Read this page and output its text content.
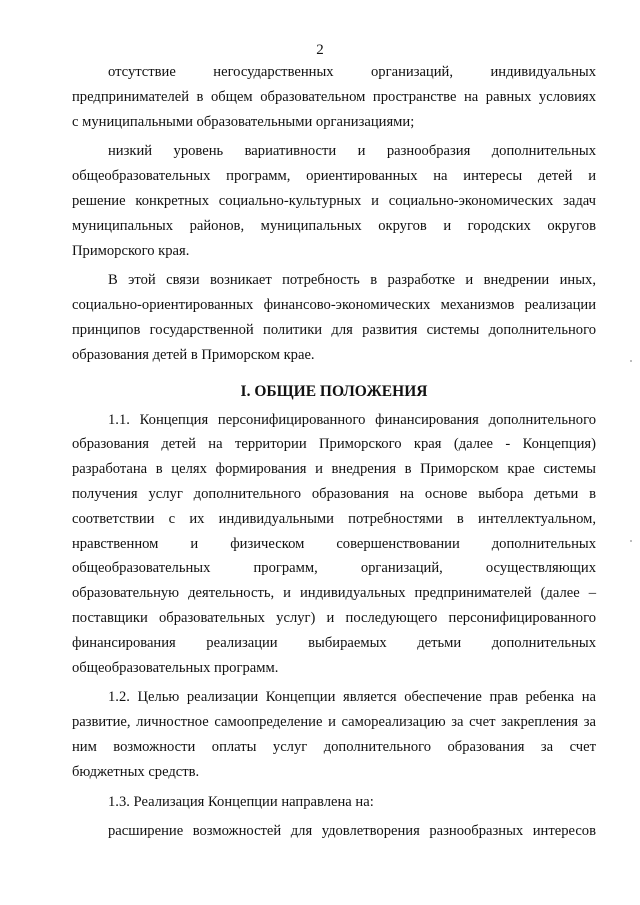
2
отсутствие негосударственных организаций, индивидуальных
предпринимателей в общем образовательном пространстве на равных условиях
с муниципальными образовательными организациями;
низкий уровень вариативности и разнообразия дополнительных
общеобразовательных программ, ориентированных на интересы детей и
решение конкретных социально-культурных и социально-экономических задач
муниципальных районов, муниципальных округов и городских округов
Приморского края.
В этой связи возникает потребность в разработке и внедрении иных,
социально-ориентированных финансово-экономических механизмов реализации
принципов государственной политики для развития системы дополнительного
образования детей в Приморском крае.
I. ОБЩИЕ ПОЛОЖЕНИЯ
1.1. Концепция персонифицированного финансирования дополнительного
образования детей на территории Приморского края (далее - Концепция)
разработана в целях формирования и внедрения в Приморском крае системы
получения услуг дополнительного образования на основе выбора детьми в
соответствии с их индивидуальными потребностями в интеллектуальном,
нравственном и физическом совершенствовании дополнительных
общеобразовательных программ, организаций, осуществляющих
образовательную деятельность, и индивидуальных предпринимателей (далее –
поставщики образовательных услуг) и последующего персонифицированного
финансирования реализации выбираемых детьми дополнительных
общеобразовательных программ.
1.2. Целью реализации Концепции является обеспечение прав ребенка на
развитие, личностное самоопределение и самореализацию за счет закрепления за
ним возможности оплаты услуг дополнительного образования за счет
бюджетных средств.
1.3. Реализация Концепции направлена на:
расширение возможностей для удовлетворения разнообразных интересов
